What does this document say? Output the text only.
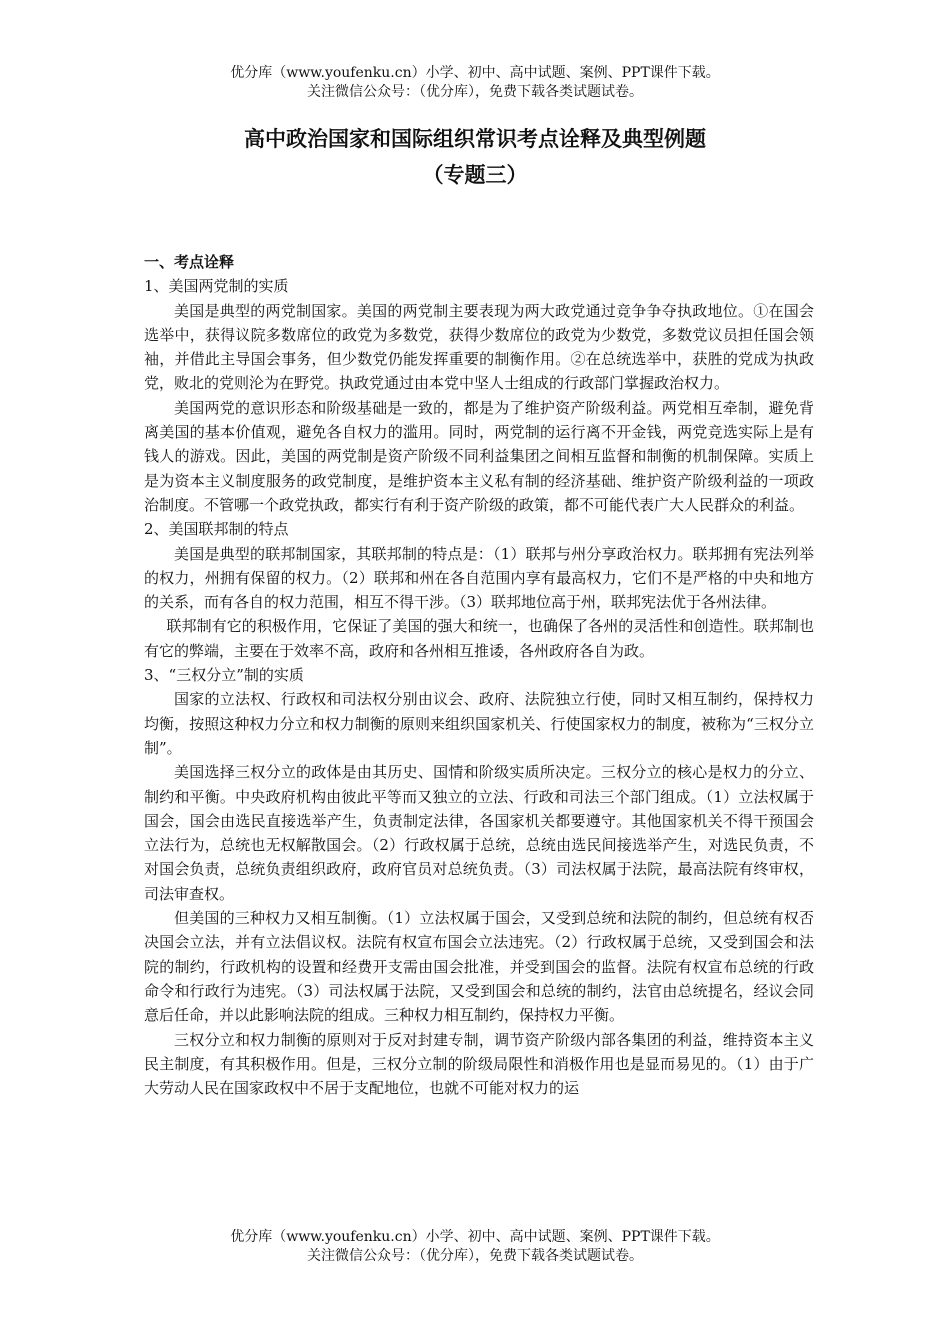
优分库（www.youfenku.cn）小学、初中、高中试题、案例、PPT课件下载。
关注微信公众号：（优分库），免费下载各类试题试卷。
高中政治国家和国际组织常识考点诠释及典型例题
（专题三）

一、考点诠释

1、美国两党制的实质

美国是典型的两党制国家。美国的两党制主要表现为两大政党通过竞争争夺执政地位。①在国会选举中，获得议院多数席位的政党为多数党，获得少数席位的政党为少数党，多数党议员担任国会领袖，并借此主导国会事务，但少数党仍能发挥重要的制衡作用。②在总统选举中，获胜的党成为执政党，败北的党则沦为在野党。执政党通过由本党中坚人士组成的行政部门掌握政治权力。

美国两党的意识形态和阶级基础是一致的，都是为了维护资产阶级利益。两党相互牵制，避免背离美国的基本价值观，避免各自权力的滥用。同时，两党制的运行离不开金钱，两党竞选实际上是有钱人的游戏。因此，美国的两党制是资产阶级不同利益集团之间相互监督和制衡的机制保障。实质上是为资本主义制度服务的政党制度，是维护资本主义私有制的经济基础、维护资产阶级利益的一项政治制度。不管哪一个政党执政，都实行有利于资产阶级的政策，都不可能代表广大人民群众的利益。

2、美国联邦制的特点

美国是典型的联邦制国家，其联邦制的特点是：（1）联邦与州分享政治权力。联邦拥有宪法列举的权力，州拥有保留的权力。（2）联邦和州在各自范围内享有最高权力，它们不是严格的中央和地方的关系，而有各自的权力范围，相互不得干涉。（3）联邦地位高于州，联邦宪法优于各州法律。

联邦制有它的积极作用，它保证了美国的强大和统一，也确保了各州的灵活性和创造性。联邦制也有它的弊端，主要在于效率不高，政府和各州相互推诿，各州政府各自为政。

3、“三权分立”制的实质

国家的立法权、行政权和司法权分别由议会、政府、法院独立行使，同时又相互制约，保持权力均衡，按照这种权力分立和权力制衡的原则来组织国家机关、行使国家权力的制度，被称为“三权分立制”。

美国选择三权分立的政体是由其历史、国情和阶级实质所决定。三权分立的核心是权力的分立、制约和平衡。中央政府机构由彼此平等而又独立的立法、行政和司法三个部门组成。（1）立法权属于国会，国会由选民直接选举产生，负责制定法律，各国家机关都要遵守。其他国家机关不得干预国会立法行为，总统也无权解散国会。（2）行政权属于总统，总统由选民间接选举产生，对选民负责，不对国会负责，总统负责组织政府，政府官员对总统负责。（3）司法权属于法院，最高法院有终审权，司法审查权。

但美国的三种权力又相互制衡。（1）立法权属于国会，又受到总统和法院的制约，但总统有权否决国会立法，并有立法倡议权。法院有权宣布国会立法违宪。（2）行政权属于总统，又受到国会和法院的制约，行政机构的设置和经费开支需由国会批准，并受到国会的监督。法院有权宣布总统的行政命令和行政行为违宪。（3）司法权属于法院，又受到国会和总统的制约，法官由总统提名，经议会同意后任命，并以此影响法院的组成。三种权力相互制约，保持权力平衡。

三权分立和权力制衡的原则对于反对封建专制，调节资产阶级内部各集团的利益，维持资本主义民主制度，有其积极作用。但是，三权分立制的阶级局限性和消极作用也是显而易见的。（1）由于广大劳动人民在国家政权中不居于支配地位，也就不可能对权力的运

优分库（www.youfenku.cn）小学、初中、高中试题、案例、PPT课件下载。
关注微信公众号：（优分库），免费下载各类试题试卷。
